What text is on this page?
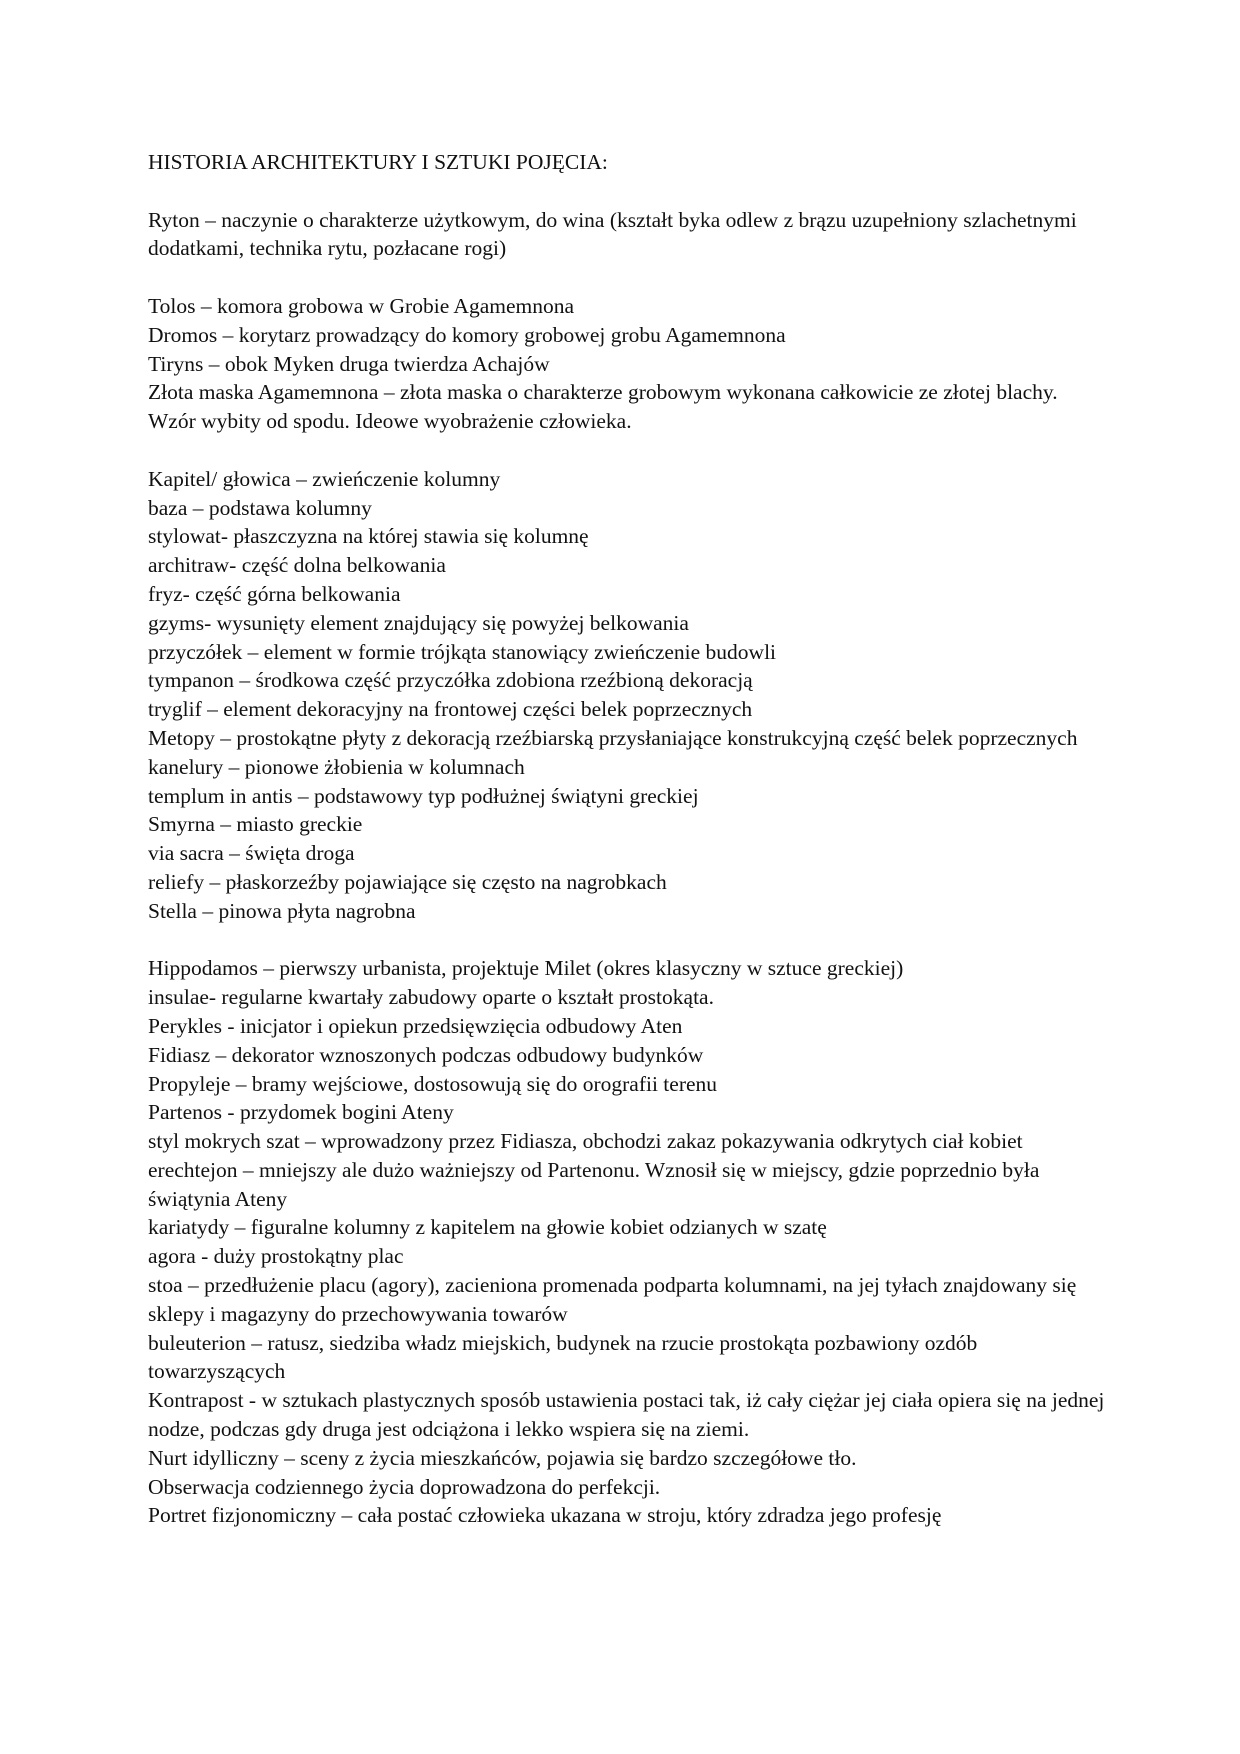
HISTORIA ARCHITEKTURY I SZTUKI POJĘCIA:

Ryton – naczynie o charakterze użytkowym, do wina (kształt byka odlew z brązu uzupełniony szlachetnymi dodatkami, technika rytu, pozłacane rogi)

Tolos – komora grobowa w Grobie Agamemnona

Dromos – korytarz prowadzący do komory grobowej grobu Agamemnona

Tiryns – obok Myken druga twierdza Achajów

Złota maska Agamemnona – złota maska o charakterze grobowym wykonana całkowicie ze złotej blachy. Wzór wybity od spodu. Ideowe wyobrażenie człowieka.

Kapitel/ głowica – zwieńczenie kolumny

baza – podstawa kolumny

stylowat- płaszczyzna na której stawia się kolumnę

architraw- część dolna belkowania

fryz- część górna belkowania

gzyms- wysunięty element znajdujący się powyżej belkowania

przyczółek – element w formie trójkąta stanowiący zwieńczenie budowli

tympanon – środkowa część przyczółka zdobiona rzeźbioną dekoracją

tryglif – element dekoracyjny na frontowej części belek poprzecznych

Metopy – prostokątne płyty z dekoracją rzeźbiarską przysłaniające konstrukcyjną część belek poprzecznych

kanelury – pionowe żłobienia w kolumnach

templum in antis – podstawowy typ podłużnej świątyni greckiej

Smyrna – miasto greckie

via sacra – święta droga

reliefy – płaskorzeźby pojawiające się często na nagrobkach

Stella – pinowa płyta nagrobna

Hippodamos – pierwszy urbanista, projektuje Milet (okres klasyczny w sztuce greckiej)

insulae- regularne kwartały zabudowy oparte o kształt prostokąta.

Perykles - inicjator i opiekun przedsięwzięcia odbudowy Aten

Fidiasz – dekorator wznoszonych podczas odbudowy budynków

Propyleje – bramy wejściowe, dostosowują się do orografii terenu

Partenos - przydomek bogini Ateny

styl mokrych szat – wprowadzony przez Fidiasza, obchodzi zakaz pokazywania odkrytych ciał kobiet

erechtejon – mniejszy ale dużo ważniejszy od Partenonu. Wznosił się w miejscy, gdzie poprzednio była świątynia Ateny

kariatydy – figuralne kolumny z kapitelem na głowie kobiet odzianych w szatę

agora - duży prostokątny plac

stoa – przedłużenie placu (agory), zacieniona promenada podparta kolumnami, na jej tyłach znajdowany się sklepy i magazyny do przechowywania towarów

buleuterion – ratusz, siedziba władz miejskich, budynek na rzucie prostokąta pozbawiony ozdób towarzyszących

Kontrapost - w sztukach plastycznych sposób ustawienia postaci tak, iż cały ciężar jej ciała opiera się na jednej nodze, podczas gdy druga jest odciążona i lekko wspiera się na ziemi.

Nurt idylliczny – sceny z życia mieszkańców, pojawia się bardzo szczegółowe tło.

Obserwacja codziennego życia doprowadzona do perfekcji.

Portret fizjonomiczny – cała postać człowieka ukazana w stroju, który zdradza jego profesję
